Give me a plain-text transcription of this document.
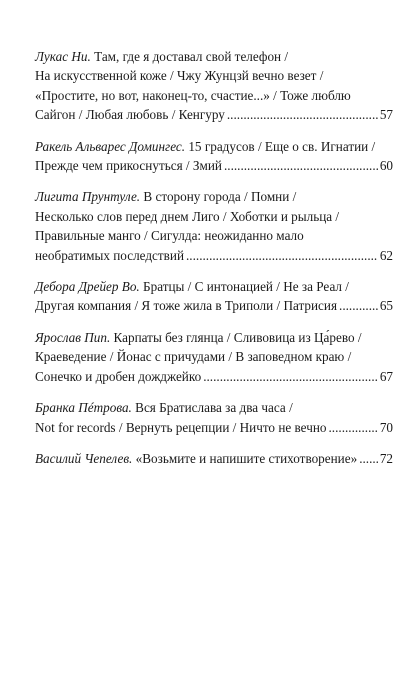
Лукас Ни. Там, где я доставал свой телефон /
На искусственной коже / Чжу Жунцзй вечно везет /
«Простите, но вот, наконец-то, счастие...» / Тоже люблю
Сайгон / Любая любовь / Кенгуру .....	57
Ракель Альварес Домингес. 15 градусов / Еще о св. Игнатии /
Прежде чем прикоснуться / Змий .....	60
Лигита Прунтуле. В сторону города / Помни /
Несколько слов перед днем Лиго / Хоботки и рыльца /
Правильные манго / Сигулда: неожиданно мало
необратимых последствий .....	62
Дебора Дрейер Во. Братцы / С интонацией / Не за Реал /
Другая компания / Я тоже жила в Триполи / Патрисия .....	65
Ярослав Пип. Карпаты без глянца / Сливовица из Ца́рево /
Краеведение / Йонас с причудами / В заповедном краю /
Сонечко и дробен дожджейко .....	67
Бранка Пéтрова. Вся Братислава за два часа /
Not for records / Вернуть рецепции / Ничто не вечно .....	70
Василий Чепелев. «Возьмите и напишите стихотворение» ..... 72
